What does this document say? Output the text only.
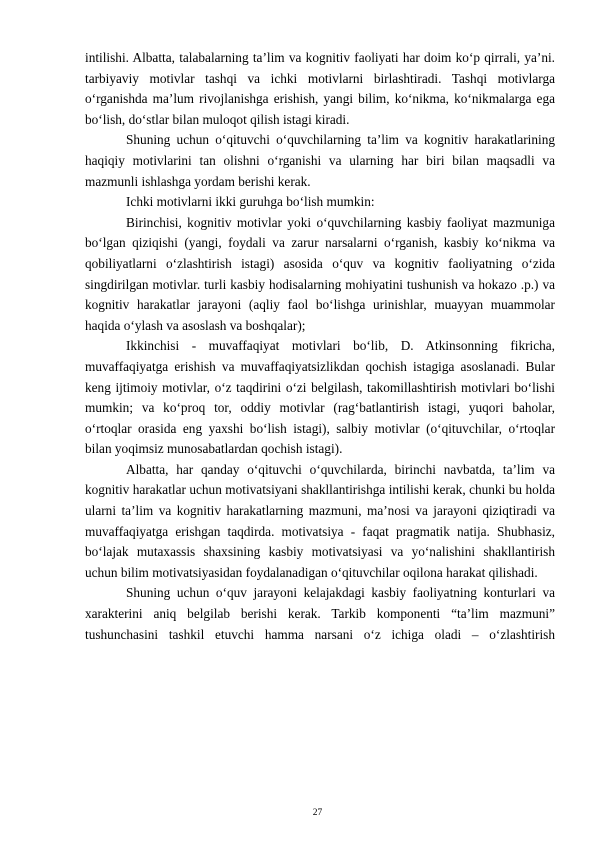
intilishi. Albatta, talabalarning ta’lim va kognitiv faoliyati har doim ko‘p qirrali, ya’ni. tarbiyaviy motivlar tashqi va ichki motivlarni birlashtiradi. Tashqi motivlarga o‘rganishda ma’lum rivojlanishga erishish, yangi bilim, ko‘nikma, ko‘nikmalarga ega bo‘lish, do‘stlar bilan muloqot qilish istagi kiradi.

Shuning uchun o‘qituvchi o‘quvchilarning ta’lim va kognitiv harakatlarining haqiqiy motivlarini tan olishni o‘rganishi va ularning har biri bilan maqsadli va mazmunli ishlashga yordam berishi kerak.

Ichki motivlarni ikki guruhga bo‘lish mumkin:

Birinchisi, kognitiv motivlar yoki o‘quvchilarning kasbiy faoliyat mazmuniga bo‘lgan qiziqishi (yangi, foydali va zarur narsalarni o‘rganish, kasbiy ko‘nikma va qobiliyatlarni o‘zlashtirish istagi) asosida o‘quv va kognitiv faoliyatning o‘zida singdirilgan motivlar. turli kasbiy hodisalarning mohiyatini tushunish va hokazo .p.) va kognitiv harakatlar jarayoni (aqliy faol bo‘lishga urinishlar, muayyan muammolar haqida o‘ylash va asoslash va boshqalar);

Ikkinchisi - muvaffaqiyat motivlari bo‘lib, D. Atkinsonning fikricha, muvaffaqiyatga erishish va muvaffaqiyatsizlikdan qochish istagiga asoslanadi. Bular keng ijtimoiy motivlar, o‘z taqdirini o‘zi belgilash, takomillashtirish motivlari bo‘lishi mumkin; va ko‘proq tor, oddiy motivlar (rag‘batlantirish istagi, yuqori baholar, o‘rtoqlar orasida eng yaxshi bo‘lish istagi), salbiy motivlar (o‘qituvchilar, o‘rtoqlar bilan yoqimsiz munosabatlardan qochish istagi).

Albatta, har qanday o‘qituvchi o‘quvchilarda, birinchi navbatda, ta’lim va kognitiv harakatlar uchun motivatsiyani shakllantirishga intilishi kerak, chunki bu holda ularni ta’lim va kognitiv harakatlarning mazmuni, ma’nosi va jarayoni qiziqtiradi va muvaffaqiyatga erishgan taqdirda. motivatsiya - faqat pragmatik natija. Shubhasiz, bo‘lajak mutaxassis shaxsining kasbiy motivatsiyasi va yo‘nalishini shakllantirish uchun bilim motivatsiyasidan foydalanadigan o‘qituvchilar oqilona harakat qilishadi.

Shuning uchun o‘quv jarayoni kelajakdagi kasbiy faoliyatning konturlari va xarakterini aniq belgilab berishi kerak. Tarkib komponenti “ta’lim mazmuni” tushunchasini tashkil etuvchi hamma narsani o‘z ichiga oladi – o‘zlashtirish

27
